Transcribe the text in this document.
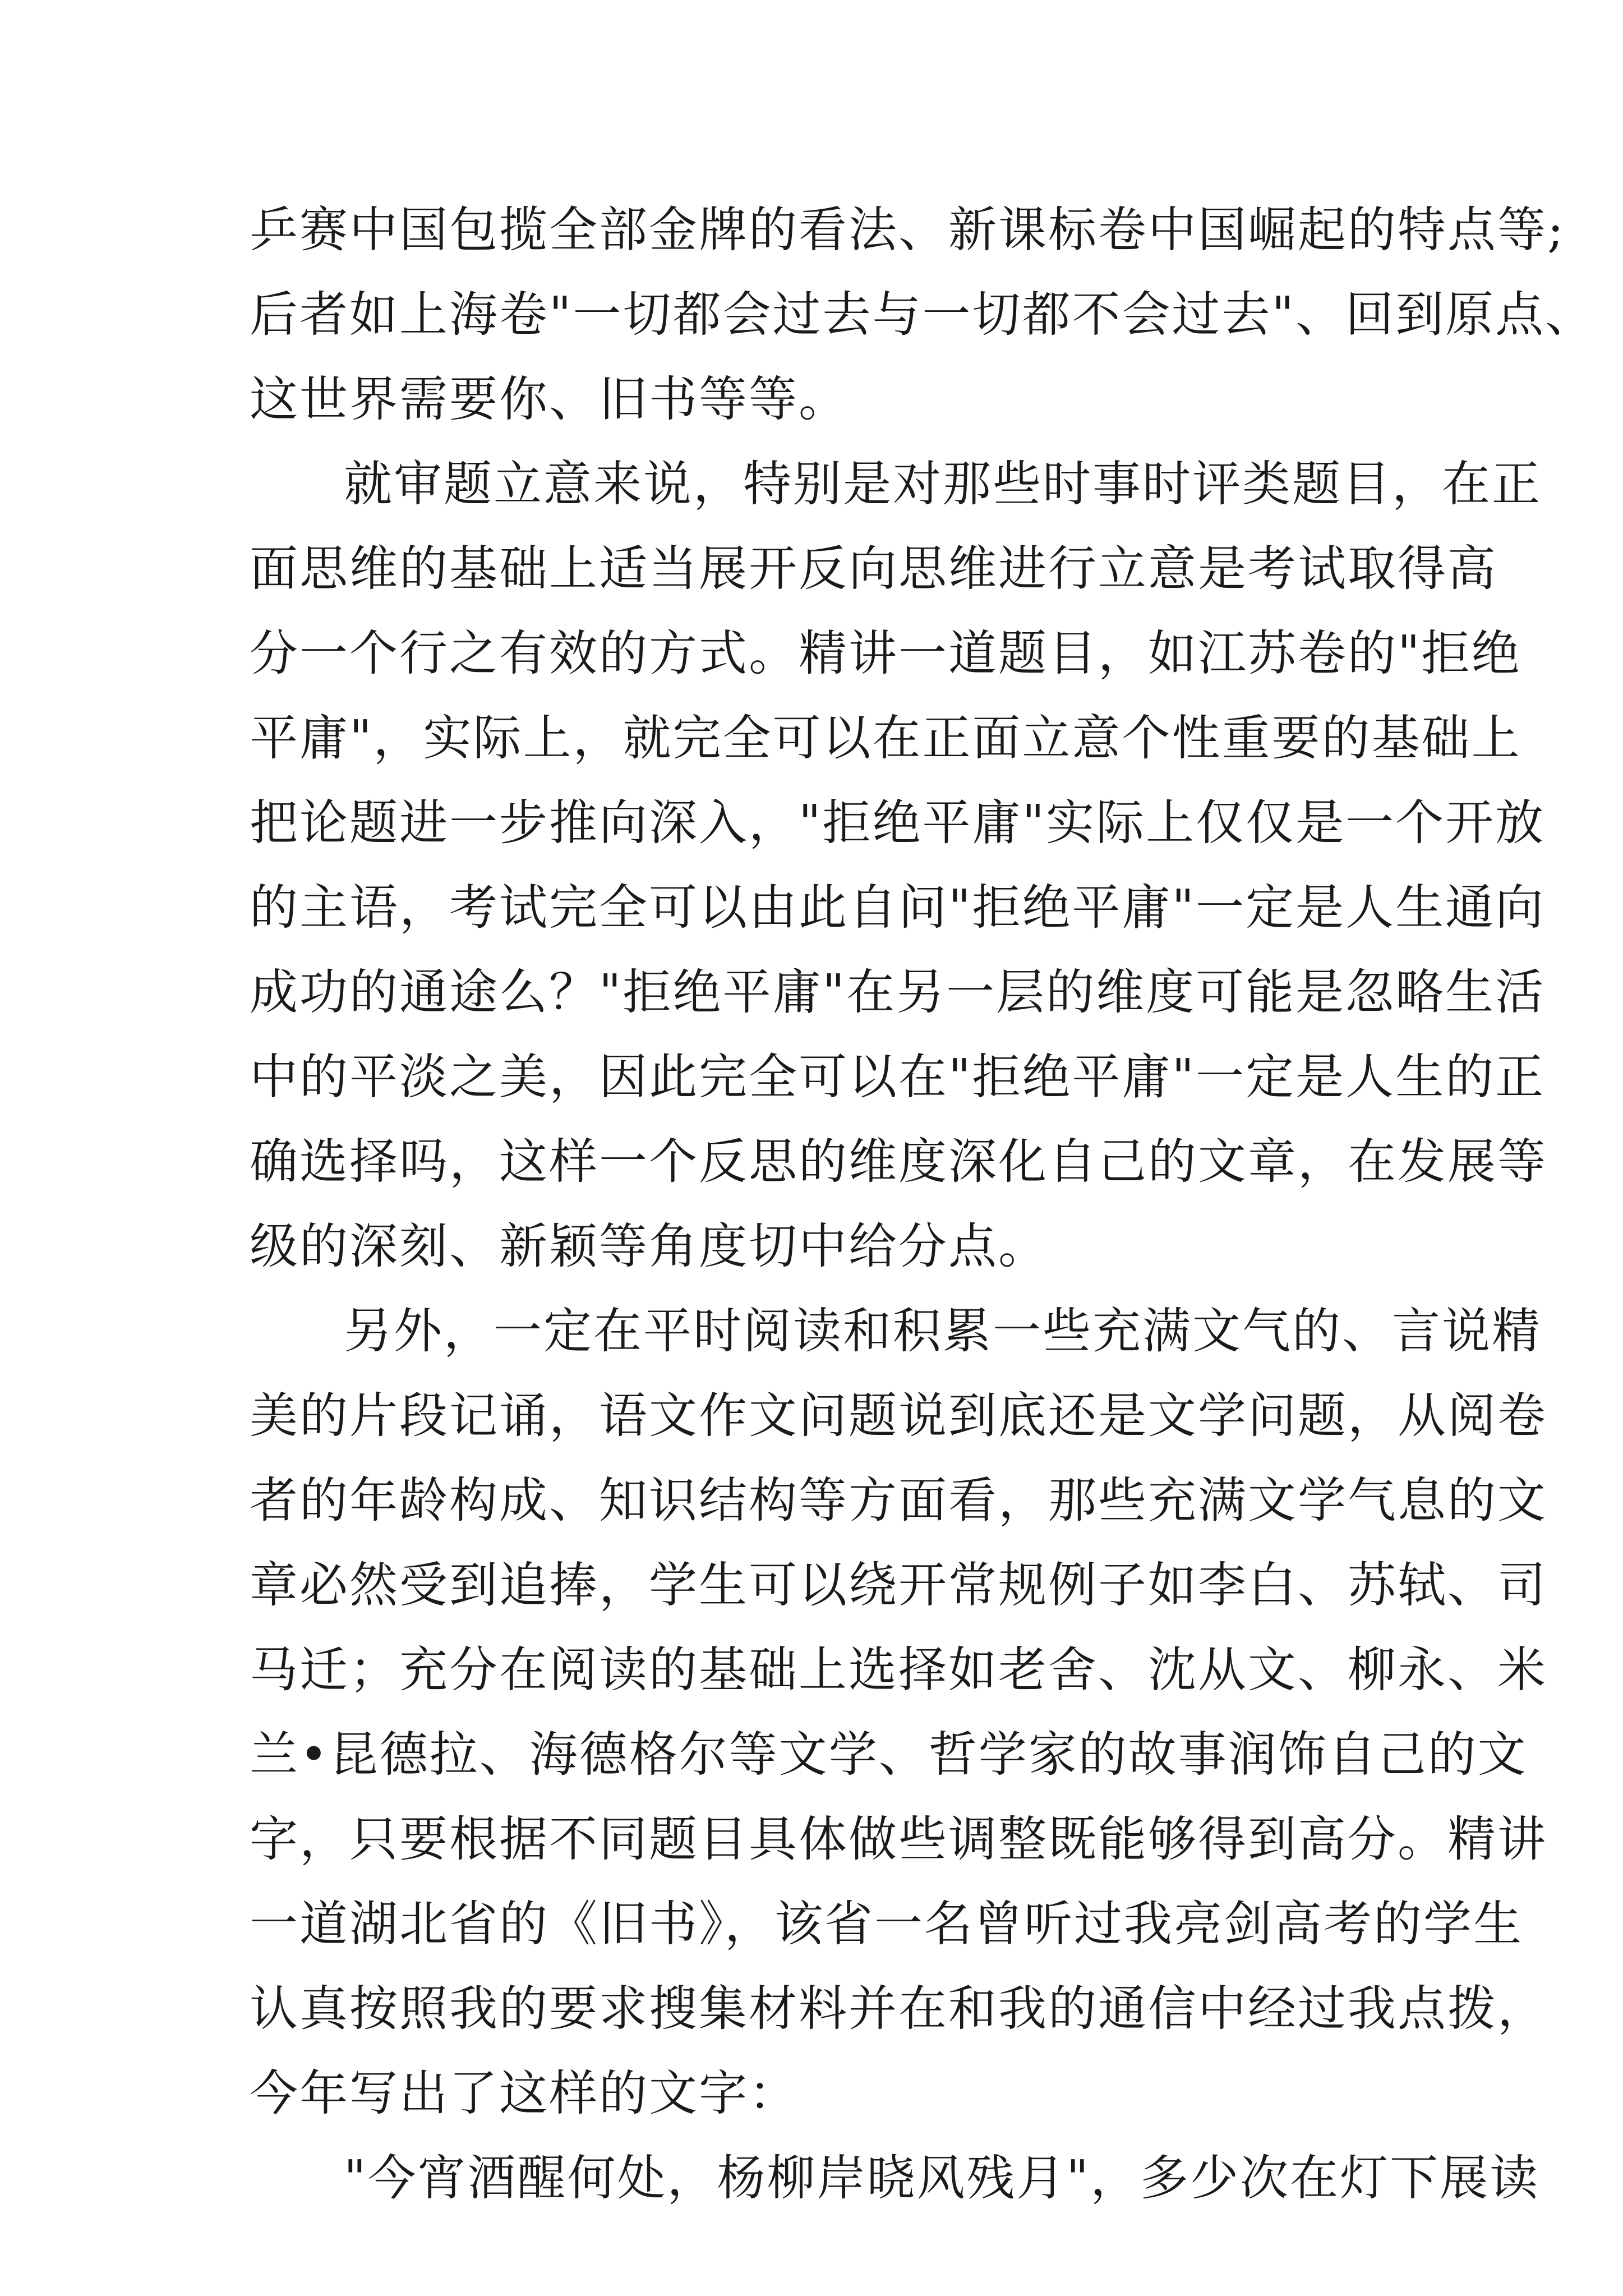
乒赛中国包揽全部金牌的看法、新课标卷中国崛起的特点等;
后者如上海卷"一切都会过去与一切都不会过去"、回到原点、
这世界需要你、旧书等等。
就审题立意来说，特别是对那些时事时评类题目，在正
面思维的基础上适当展开反向思维进行立意是考试取得高
分一个行之有效的方式。精讲一道题目，如江苏卷的"拒绝
平庸"，实际上，就完全可以在正面立意个性重要的基础上
把论题进一步推向深入，"拒绝平庸"实际上仅仅是一个开放
的主语，考试完全可以由此自问"拒绝平庸"一定是人生通向
成功的通途么？"拒绝平庸"在另一层的维度可能是忽略生活
中的平淡之美，因此完全可以在"拒绝平庸"一定是人生的正
确选择吗，这样一个反思的维度深化自己的文章，在发展等
级的深刻、新颖等角度切中给分点。
另外，一定在平时阅读和积累一些充满文气的、言说精
美的片段记诵，语文作文问题说到底还是文学问题，从阅卷
者的年龄构成、知识结构等方面看，那些充满文学气息的文
章必然受到追捧，学生可以绕开常规例子如李白、苏轼、司
马迁；充分在阅读的基础上选择如老舍、沈从文、柳永、米
兰•昆德拉、海德格尔等文学、哲学家的故事润饰自己的文
字，只要根据不同题目具体做些调整既能够得到高分。精讲
一道湖北省的《旧书》，该省一名曾听过我亮剑高考的学生
认真按照我的要求搜集材料并在和我的通信中经过我点拨，
今年写出了这样的文字：
"今宵酒醒何处，杨柳岸晓风残月"，多少次在灯下展读
